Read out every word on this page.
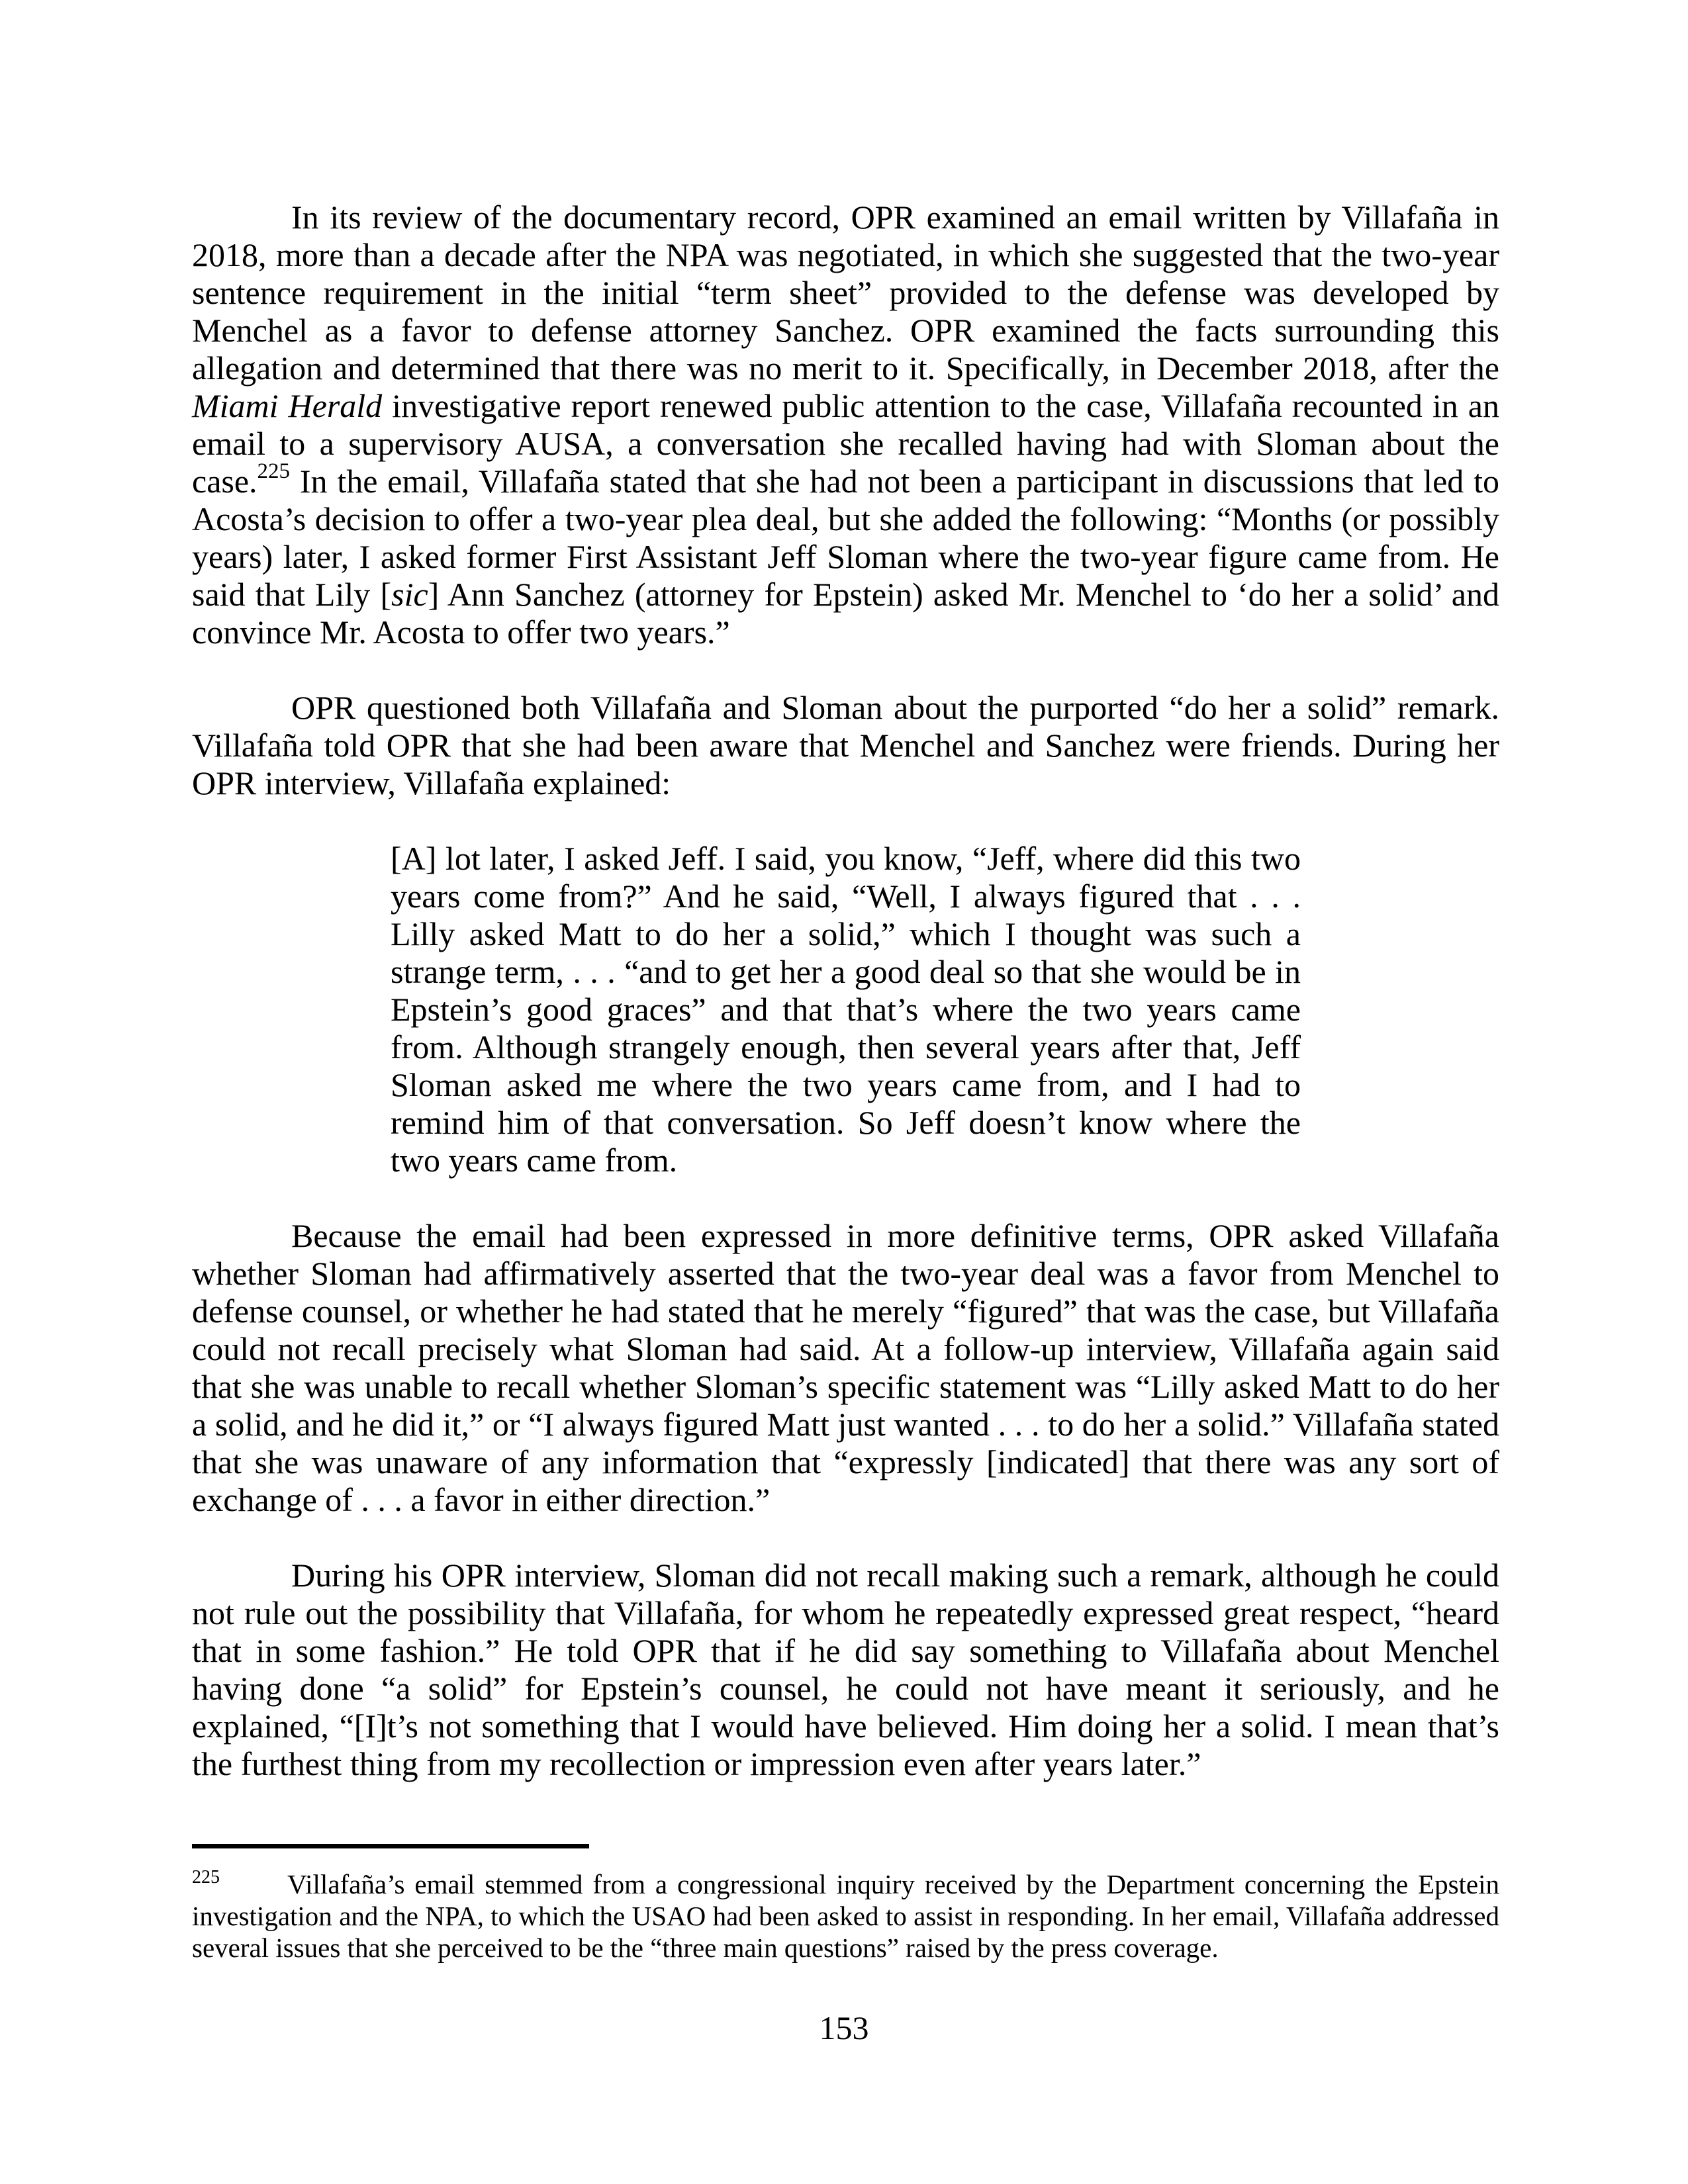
In its review of the documentary record, OPR examined an email written by Villafaña in 2018, more than a decade after the NPA was negotiated, in which she suggested that the two-year sentence requirement in the initial “term sheet” provided to the defense was developed by Menchel as a favor to defense attorney Sanchez. OPR examined the facts surrounding this allegation and determined that there was no merit to it. Specifically, in December 2018, after the Miami Herald investigative report renewed public attention to the case, Villafaña recounted in an email to a supervisory AUSA, a conversation she recalled having had with Sloman about the case.$^{225}$ In the email, Villafaña stated that she had not been a participant in discussions that led to Acosta’s decision to offer a two-year plea deal, but she added the following: “Months (or possibly years) later, I asked former First Assistant Jeff Sloman where the two-year figure came from. He said that Lily [sic] Ann Sanchez (attorney for Epstein) asked Mr. Menchel to ‘do her a solid’ and convince Mr. Acosta to offer two years.”

OPR questioned both Villafaña and Sloman about the purported “do her a solid” remark. Villafaña told OPR that she had been aware that Menchel and Sanchez were friends. During her OPR interview, Villafaña explained:

[A] lot later, I asked Jeff. I said, you know, “Jeff, where did this two years come from?” And he said, “Well, I always figured that . . . Lilly asked Matt to do her a solid,” which I thought was such a strange term, . . . “and to get her a good deal so that she would be in Epstein’s good graces” and that that’s where the two years came from. Although strangely enough, then several years after that, Jeff Sloman asked me where the two years came from, and I had to remind him of that conversation. So Jeff doesn’t know where the two years came from.

Because the email had been expressed in more definitive terms, OPR asked Villafaña whether Sloman had affirmatively asserted that the two-year deal was a favor from Menchel to defense counsel, or whether he had stated that he merely “figured” that was the case, but Villafaña could not recall precisely what Sloman had said. At a follow-up interview, Villafaña again said that she was unable to recall whether Sloman’s specific statement was “Lilly asked Matt to do her a solid, and he did it,” or “I always figured Matt just wanted . . . to do her a solid.” Villafaña stated that she was unaware of any information that “expressly [indicated] that there was any sort of exchange of . . . a favor in either direction.”

During his OPR interview, Sloman did not recall making such a remark, although he could not rule out the possibility that Villafaña, for whom he repeatedly expressed great respect, “heard that in some fashion.” He told OPR that if he did say something to Villafaña about Menchel having done “a solid” for Epstein’s counsel, he could not have meant it seriously, and he explained, “[I]t’s not something that I would have believed. Him doing her a solid. I mean that’s the furthest thing from my recollection or impression even after years later.”

$^{225}$ Villafaña’s email stemmed from a congressional inquiry received by the Department concerning the Epstein investigation and the NPA, to which the USAO had been asked to assist in responding. In her email, Villafaña addressed several issues that she perceived to be the “three main questions” raised by the press coverage.

153
